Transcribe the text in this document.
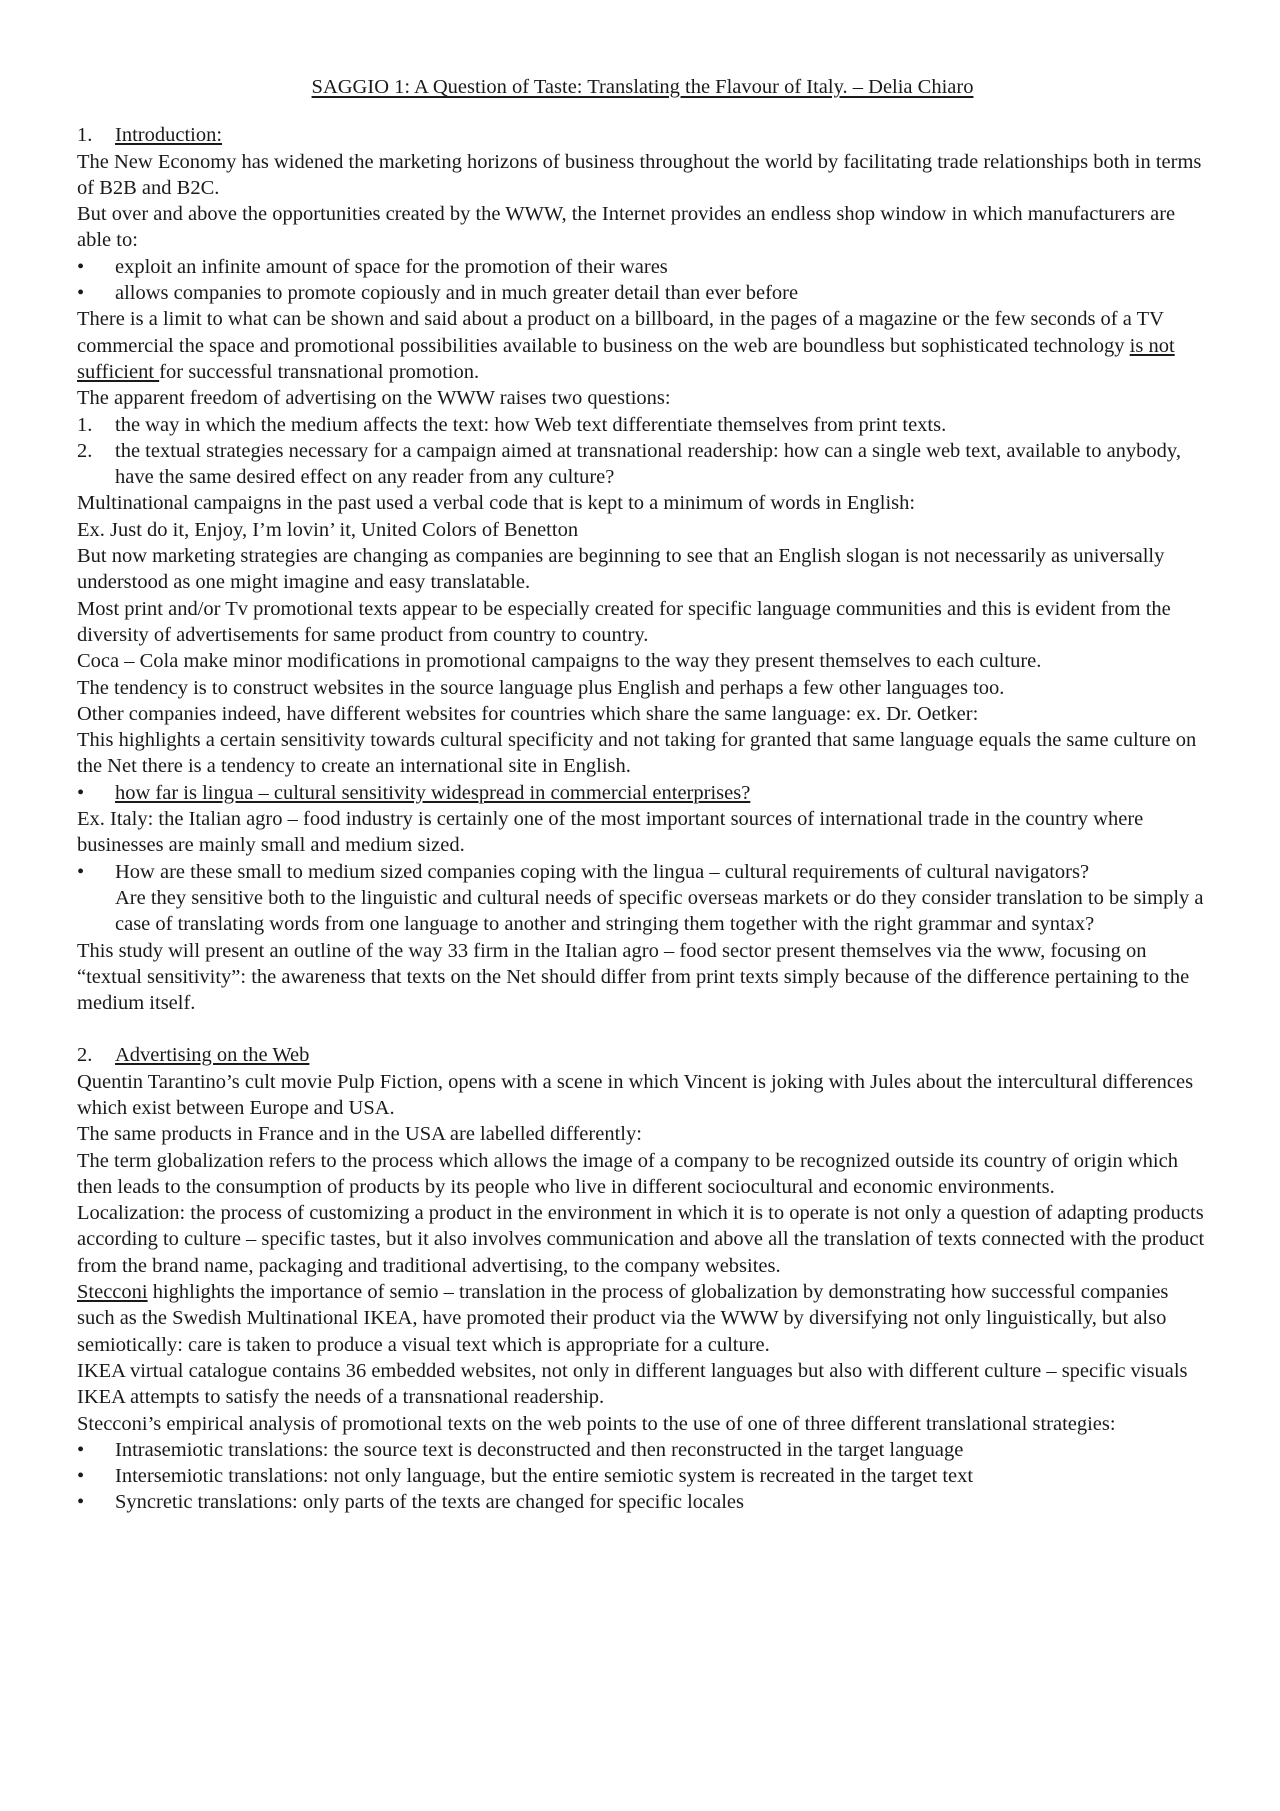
SAGGIO 1: A Question of Taste: Translating the Flavour of Italy. – Delia Chiaro

1. Introduction:

The New Economy has widened the marketing horizons of business throughout the world by facilitating trade relationships both in terms of B2B and B2C.

But over and above the opportunities created by the WWW, the Internet provides an endless shop window in which manufacturers are able to:

• exploit an infinite amount of space for the promotion of their wares

• allows companies to promote copiously and in much greater detail than ever before

There is a limit to what can be shown and said about a product on a billboard, in the pages of a magazine or the few seconds of a TV commercial the space and promotional possibilities available to business on the web are boundless but sophisticated technology is not sufficient for successful transnational promotion.

The apparent freedom of advertising on the WWW raises two questions:

1. the way in which the medium affects the text: how Web text differentiate themselves from print texts.

2. the textual strategies necessary for a campaign aimed at transnational readership: how can a single web text, available to anybody, have the same desired effect on any reader from any culture?

Multinational campaigns in the past used a verbal code that is kept to a minimum of words in English:

Ex. Just do it, Enjoy, I’m lovin’ it, United Colors of Benetton

But now marketing strategies are changing as companies are beginning to see that an English slogan is not necessarily as universally understood as one might imagine and easy translatable.

Most print and/or Tv promotional texts appear to be especially created for specific language communities and this is evident from the diversity of advertisements for same product from country to country.

Coca – Cola make minor modifications in promotional campaigns to the way they present themselves to each culture.

The tendency is to construct websites in the source language plus English and perhaps a few other languages too.

Other companies indeed, have different websites for countries which share the same language: ex. Dr. Oetker:

This highlights a certain sensitivity towards cultural specificity and not taking for granted that same language equals the same culture on the Net there is a tendency to create an international site in English.

• how far is lingua – cultural sensitivity widespread in commercial enterprises?

Ex. Italy: the Italian agro – food industry is certainly one of the most important sources of international trade in the country where businesses are mainly small and medium sized.

• How are these small to medium sized companies coping with the lingua – cultural requirements of cultural navigators?

Are they sensitive both to the linguistic and cultural needs of specific overseas markets or do they consider translation to be simply a case of translating words from one language to another and stringing them together with the right grammar and syntax?

This study will present an outline of the way 33 firm in the Italian agro – food sector present themselves via the www, focusing on “textual sensitivity”: the awareness that texts on the Net should differ from print texts simply because of the difference pertaining to the medium itself.

2. Advertising on the Web

Quentin Tarantino’s cult movie Pulp Fiction, opens with a scene in which Vincent is joking with Jules about the intercultural differences which exist between Europe and USA.

The same products in France and in the USA are labelled differently:

The term globalization refers to the process which allows the image of a company to be recognized outside its country of origin which then leads to the consumption of products by its people who live in different sociocultural and economic environments.

Localization: the process of customizing a product in the environment in which it is to operate is not only a question of adapting products according to culture – specific tastes, but it also involves communication and above all the translation of texts connected with the product from the brand name, packaging and traditional advertising, to the company websites.

Stecconi highlights the importance of semio – translation in the process of globalization by demonstrating how successful companies such as the Swedish Multinational IKEA, have promoted their product via the WWW by diversifying not only linguistically, but also semiotically: care is taken to produce a visual text which is appropriate for a culture.

IKEA virtual catalogue contains 36 embedded websites, not only in different languages but also with different culture – specific visuals IKEA attempts to satisfy the needs of a transnational readership.

Stecconi’s empirical analysis of promotional texts on the web points to the use of one of three different translational strategies:

• Intrasemiotic translations: the source text is deconstructed and then reconstructed in the target language

• Intersemiotic translations: not only language, but the entire semiotic system is recreated in the target text

• Syncretic translations: only parts of the texts are changed for specific locales
